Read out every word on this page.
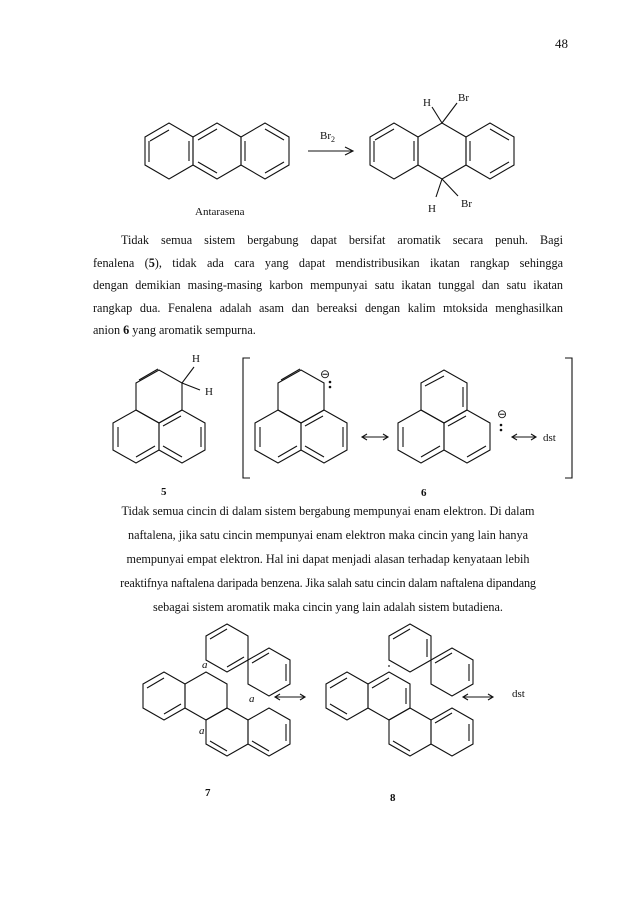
48
Antarasena
$Br_2$
H Br
H Br
Tidak semua sistem bergabung dapat bersifat aromatik secara penuh. Bagi
fenalena (5), tidak ada cara yang dapat mendistribusikan ikatan rangkap sehingga
dengan demikian masing-masing karbon mempunyai satu ikatan tunggal dan satu ikatan
rangkap dua. Fenalena adalah asam dan bereaksi dengan kalim mtoksida menghasilkan
anion 6 yang aromatik sempurna.
H
H
⊖
⊖
dst
5	6
Tidak semua cincin di dalam sistem bergabung mempunyai enam elektron. Di dalam
naftalena, jika satu cincin mempunyai enam elektron maka cincin yang lain hanya
mempunyai empat elektron. Hal ini dapat menjadi alasan terhadap kenyataan lebih
reaktifnya naftalena daripada benzena. Jika salah satu cincin dalam naftalena dipandang
sebagai sistem aromatik maka cincin yang lain adalah sistem butadiena.
a
a
a
dst
7	8
